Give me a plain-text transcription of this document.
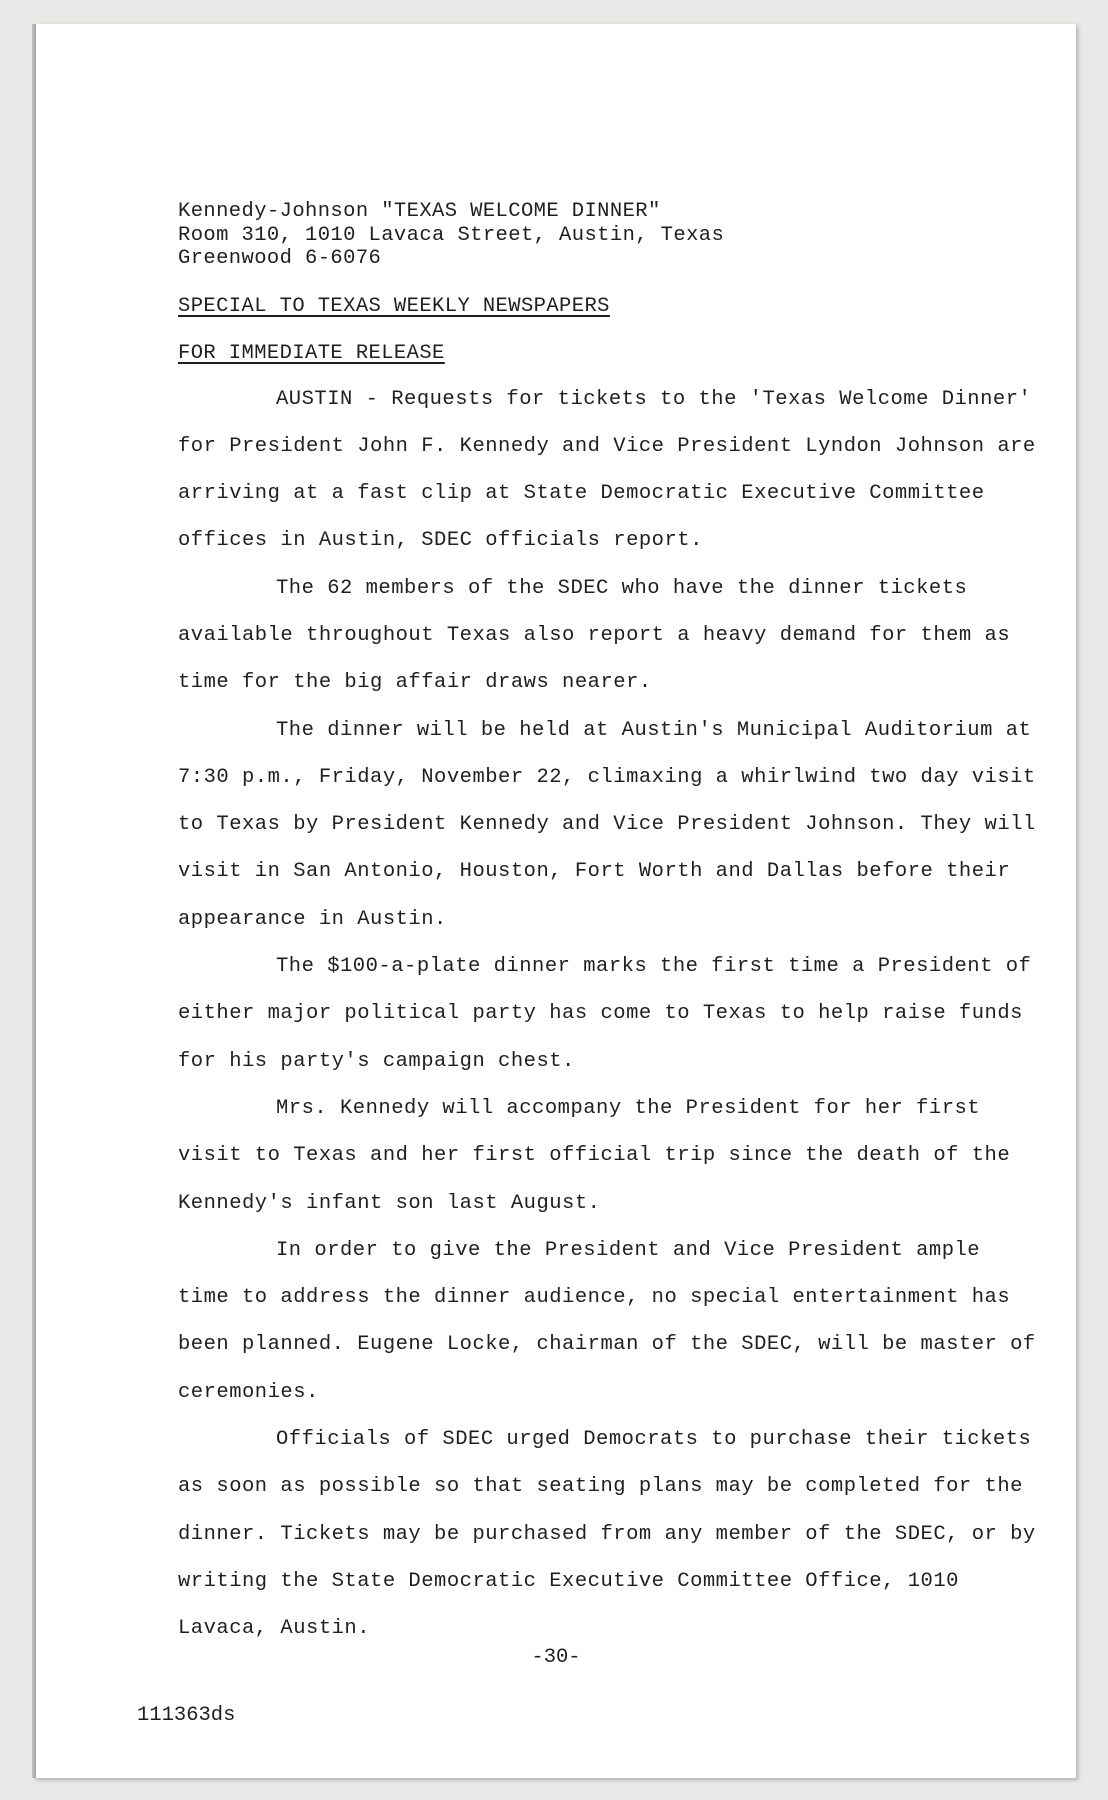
Kennedy-Johnson "TEXAS WELCOME DINNER"
Room 310, 1010 Lavaca Street, Austin, Texas
Greenwood 6-6076
SPECIAL TO TEXAS WEEKLY NEWSPAPERS
FOR IMMEDIATE RELEASE

AUSTIN - Requests for tickets to the 'Texas Welcome Dinner' for President John F. Kennedy and Vice President Lyndon Johnson are arriving at a fast clip at State Democratic Executive Committee offices in Austin, SDEC officials report.

The 62 members of the SDEC who have the dinner tickets available throughout Texas also report a heavy demand for them as time for the big affair draws nearer.

The dinner will be held at Austin's Municipal Auditorium at 7:30 p.m., Friday, November 22, climaxing a whirlwind two day visit to Texas by President Kennedy and Vice President Johnson. They will visit in San Antonio, Houston, Fort Worth and Dallas before their appearance in Austin.

The $100-a-plate dinner marks the first time a President of either major political party has come to Texas to help raise funds for his party's campaign chest.

Mrs. Kennedy will accompany the President for her first visit to Texas and her first official trip since the death of the Kennedy's infant son last August.

In order to give the President and Vice President ample time to address the dinner audience, no special entertainment has been planned. Eugene Locke, chairman of the SDEC, will be master of ceremonies.

Officials of SDEC urged Democrats to purchase their tickets as soon as possible so that seating plans may be completed for the dinner. Tickets may be purchased from any member of the SDEC, or by writing the State Democratic Executive Committee Office, 1010 Lavaca, Austin.

-30-
111363ds
